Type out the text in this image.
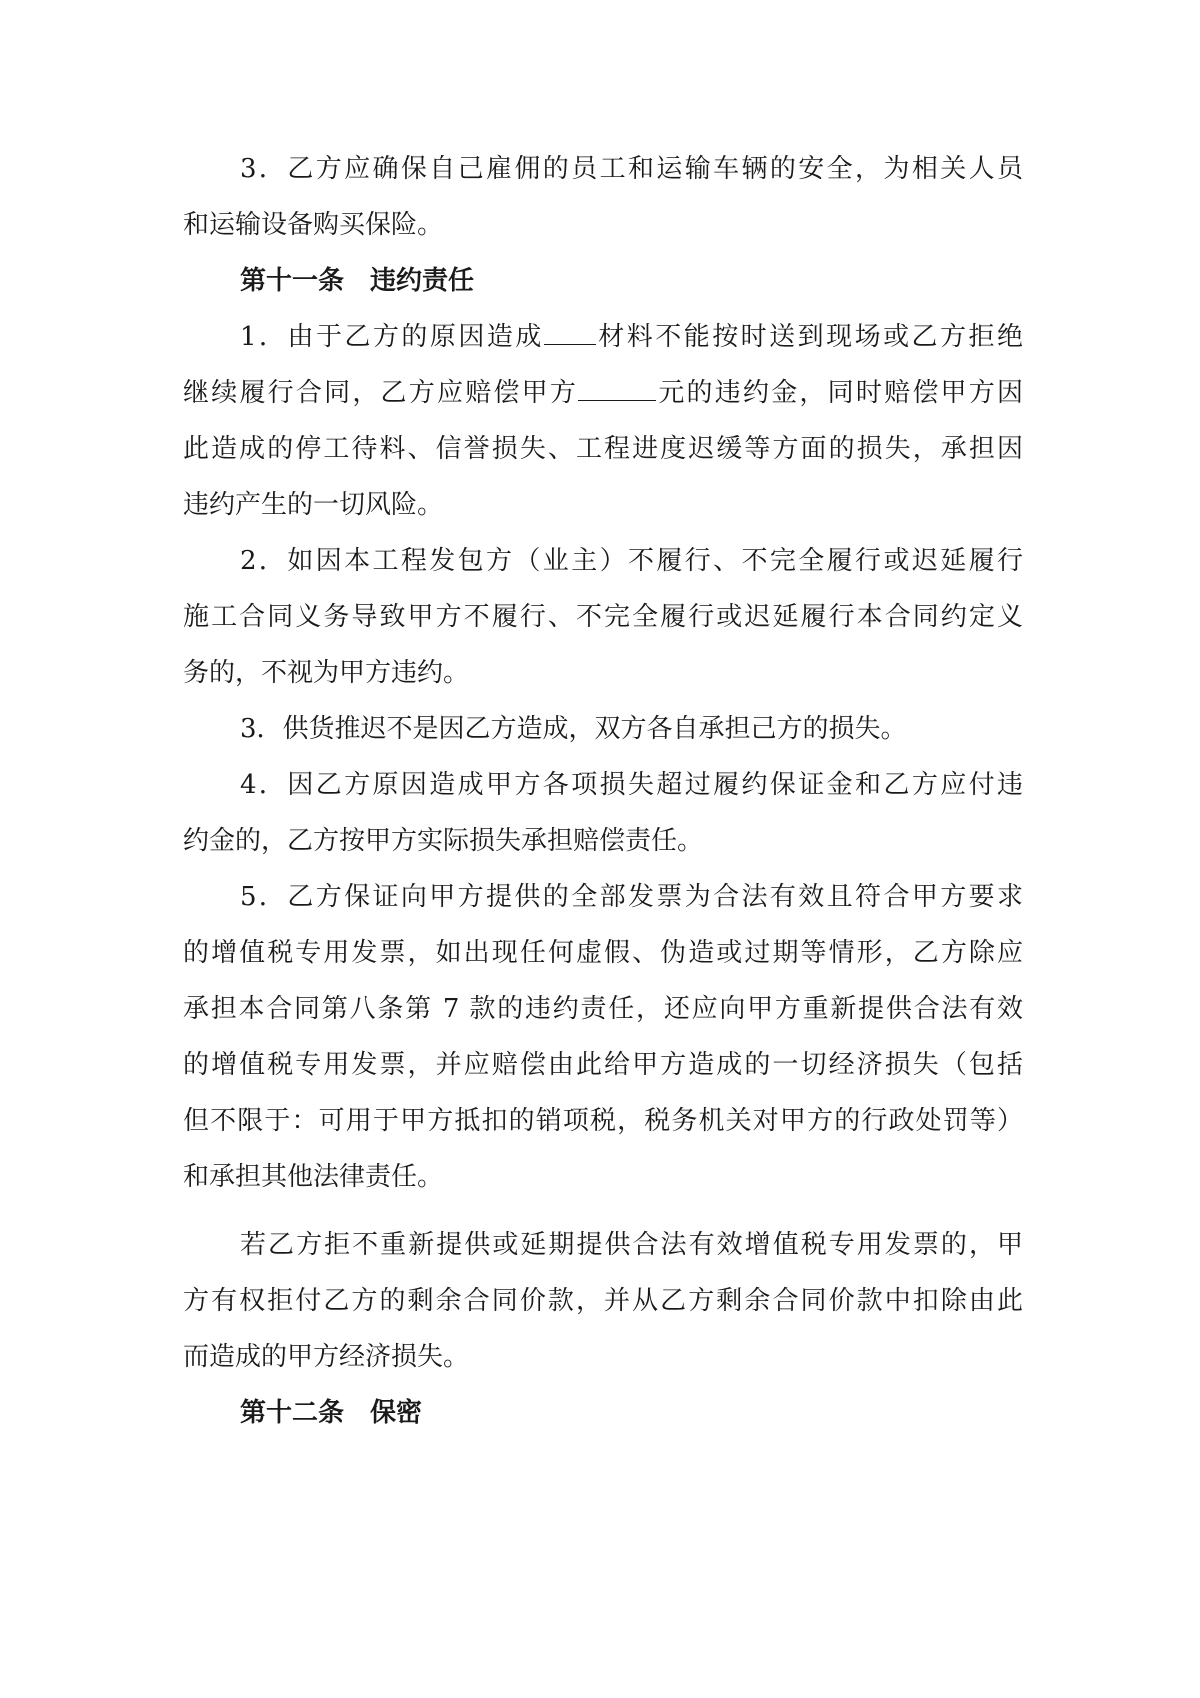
3．乙方应确保自己雇佣的员工和运输车辆的安全，为相关人员
和运输设备购买保险。
第十一条　违约责任
1．由于乙方的原因造成 材料不能按时送到现场或乙方拒绝
继续履行合同，乙方应赔偿甲方	元的违约金，同时赔偿甲方因
此造成的停工待料、信誉损失、工程进度迟缓等方面的损失，承担因
违约产生的一切风险。
2．如因本工程发包方（业主）不履行、不完全履行或迟延履行
施工合同义务导致甲方不履行、不完全履行或迟延履行本合同约定义
务的，不视为甲方违约。
3．供货推迟不是因乙方造成，双方各自承担己方的损失。
4．因乙方原因造成甲方各项损失超过履约保证金和乙方应付违
约金的，乙方按甲方实际损失承担赔偿责任。
5．乙方保证向甲方提供的全部发票为合法有效且符合甲方要求
的增值税专用发票，如出现任何虚假、伪造或过期等情形，乙方除应
承担本合同第八条第 7 款的违约责任，还应向甲方重新提供合法有效
的增值税专用发票，并应赔偿由此给甲方造成的一切经济损失（包括
但不限于：可用于甲方抵扣的销项税，税务机关对甲方的行政处罚等）
和承担其他法律责任。
若乙方拒不重新提供或延期提供合法有效增值税专用发票的，甲
方有权拒付乙方的剩余合同价款，并从乙方剩余合同价款中扣除由此
而造成的甲方经济损失。
第十二条　保密
